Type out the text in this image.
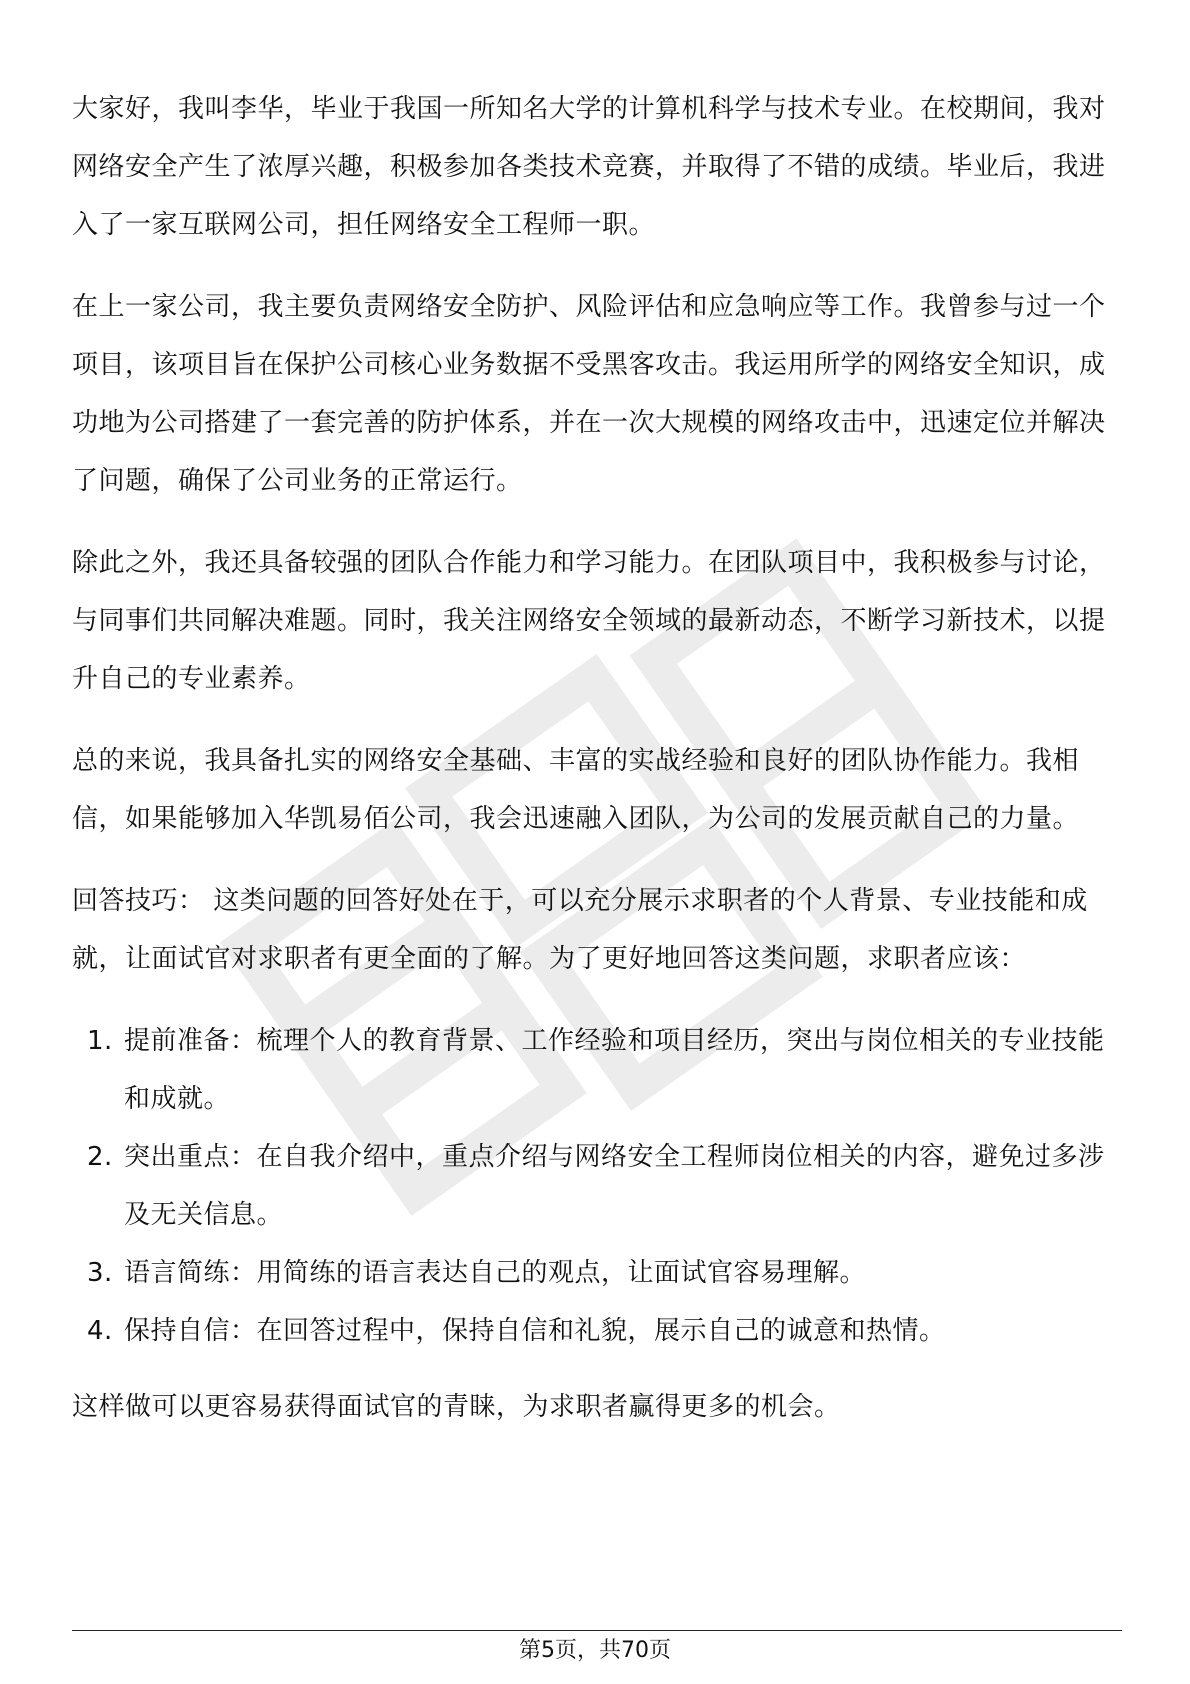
大家好，我叫李华，毕业于我国一所知名大学的计算机科学与技术专业。在校期间，我对网络安全产生了浓厚兴趣，积极参加各类技术竞赛，并取得了不错的成绩。毕业后，我进入了一家互联网公司，担任网络安全工程师一职。

在上一家公司，我主要负责网络安全防护、风险评估和应急响应等工作。我曾参与过一个项目，该项目旨在保护公司核心业务数据不受黑客攻击。我运用所学的网络安全知识，成功地为公司搭建了一套完善的防护体系，并在一次大规模的网络攻击中，迅速定位并解决了问题，确保了公司业务的正常运行。

除此之外，我还具备较强的团队合作能力和学习能力。在团队项目中，我积极参与讨论，与同事们共同解决难题。同时，我关注网络安全领域的最新动态，不断学习新技术，以提升自己的专业素养。

总的来说，我具备扎实的网络安全基础、丰富的实战经验和良好的团队协作能力。我相信，如果能够加入华凯易佰公司，我会迅速融入团队，为公司的发展贡献自己的力量。

回答技巧： 这类问题的回答好处在于，可以充分展示求职者的个人背景、专业技能和成就，让面试官对求职者有更全面的了解。为了更好地回答这类问题，求职者应该：

1. 提前准备：梳理个人的教育背景、工作经验和项目经历，突出与岗位相关的专业技能和成就。
2. 突出重点：在自我介绍中，重点介绍与网络安全工程师岗位相关的内容，避免过多涉及无关信息。
3. 语言简练：用简练的语言表达自己的观点，让面试官容易理解。
4. 保持自信：在回答过程中，保持自信和礼貌，展示自己的诚意和热情。

这样做可以更容易获得面试官的青睐，为求职者赢得更多的机会。

第5页，共70页
